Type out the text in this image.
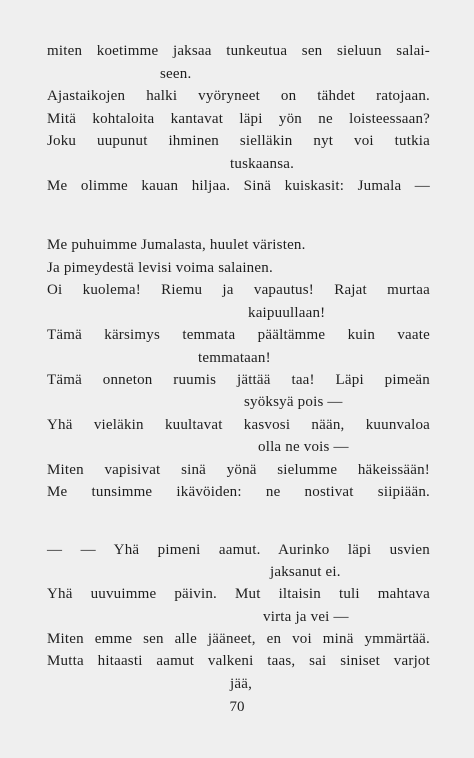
miten koetimme jaksaa tunkeutua sen sieluun salai-
seen.
Ajastaikojen halki vyöryneet on tähdet ratojaan.
Mitä kohtaloita kantavat läpi yön ne loisteessaan?
Joku uupunut ihminen sielläkin nyt voi tutkia
tuskaansa.
Me olimme kauan hiljaa. Sinä kuiskasit: Jumala —
Me puhuimme Jumalasta, huulet väristen.
Ja pimeydestä levisi voima salainen.
Oi kuolema! Riemu ja vapautus! Rajat murtaa
kaipuullaan!
Tämä kärsimys temmata päältämme kuin vaate
temmataan!
Tämä onneton ruumis jättää taa! Läpi pimeän
syöksyä pois —
Yhä vieläkin kuultavat kasvosi nään, kuunvaloa
olla ne vois —
Miten vapisivat sinä yönä sielumme häkeissään!
Me tunsimme ikävöiden: ne nostivat siipiään.
— — Yhä pimeni aamut. Aurinko läpi usvien
jaksanut ei.
Yhä uuvuimme päivin. Mut iltaisin tuli mahtava
virta ja vei —
Miten emme sen alle jääneet, en voi minä ymmärtää.
Mutta hitaasti aamut valkeni taas, sai siniset varjot
jää,
70
